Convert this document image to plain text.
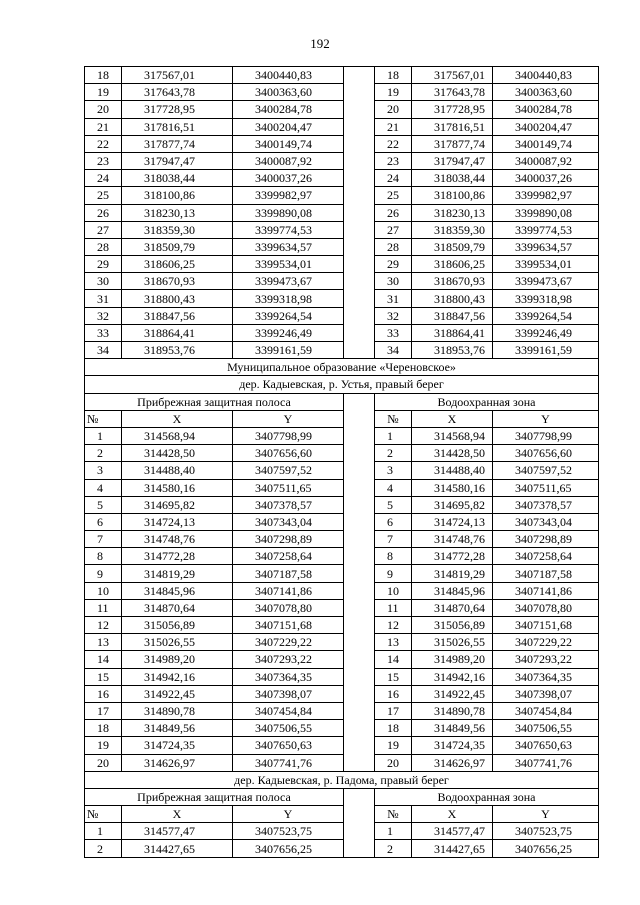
192
18	317567,01	3400440,83		18	317567,01	3400440,83
19	317643,78	3400363,60		19	317643,78	3400363,60
20	317728,95	3400284,78		20	317728,95	3400284,78
21	317816,51	3400204,47		21	317816,51	3400204,47
22	317877,74	3400149,74		22	317877,74	3400149,74
23	317947,47	3400087,92		23	317947,47	3400087,92
24	318038,44	3400037,26		24	318038,44	3400037,26
25	318100,86	3399982,97		25	318100,86	3399982,97
26	318230,13	3399890,08		26	318230,13	3399890,08
27	318359,30	3399774,53		27	318359,30	3399774,53
28	318509,79	3399634,57		28	318509,79	3399634,57
29	318606,25	3399534,01		29	318606,25	3399534,01
30	318670,93	3399473,67		30	318670,93	3399473,67
31	318800,43	3399318,98		31	318800,43	3399318,98
32	318847,56	3399264,54		32	318847,56	3399264,54
33	318864,41	3399246,49		33	318864,41	3399246,49
34	318953,76	3399161,59		34	318953,76	3399161,59
Муниципальное образование «Череновское»						
дер. Кадыевская, р. Устья, правый берег						
Прибрежная защитная полоса				Водоохранная зона		
№	X	Y		№	X	Y
1	314568,94	3407798,99		1	314568,94	3407798,99
2	314428,50	3407656,60		2	314428,50	3407656,60
3	314488,40	3407597,52		3	314488,40	3407597,52
4	314580,16	3407511,65		4	314580,16	3407511,65
5	314695,82	3407378,57		5	314695,82	3407378,57
6	314724,13	3407343,04		6	314724,13	3407343,04
7	314748,76	3407298,89		7	314748,76	3407298,89
8	314772,28	3407258,64		8	314772,28	3407258,64
9	314819,29	3407187,58		9	314819,29	3407187,58
10	314845,96	3407141,86		10	314845,96	3407141,86
11	314870,64	3407078,80		11	314870,64	3407078,80
12	315056,89	3407151,68		12	315056,89	3407151,68
13	315026,55	3407229,22		13	315026,55	3407229,22
14	314989,20	3407293,22		14	314989,20	3407293,22
15	314942,16	3407364,35		15	314942,16	3407364,35
16	314922,45	3407398,07		16	314922,45	3407398,07
17	314890,78	3407454,84		17	314890,78	3407454,84
18	314849,56	3407506,55		18	314849,56	3407506,55
19	314724,35	3407650,63		19	314724,35	3407650,63
20	314626,97	3407741,76		20	314626,97	3407741,76
дер. Кадыевская, р. Падома, правый берег						
Прибрежная защитная полоса				Водоохранная зона		
№	X	Y		№	X	Y
1	314577,47	3407523,75		1	314577,47	3407523,75
2	314427,65	3407656,25		2	314427,65	3407656,25
